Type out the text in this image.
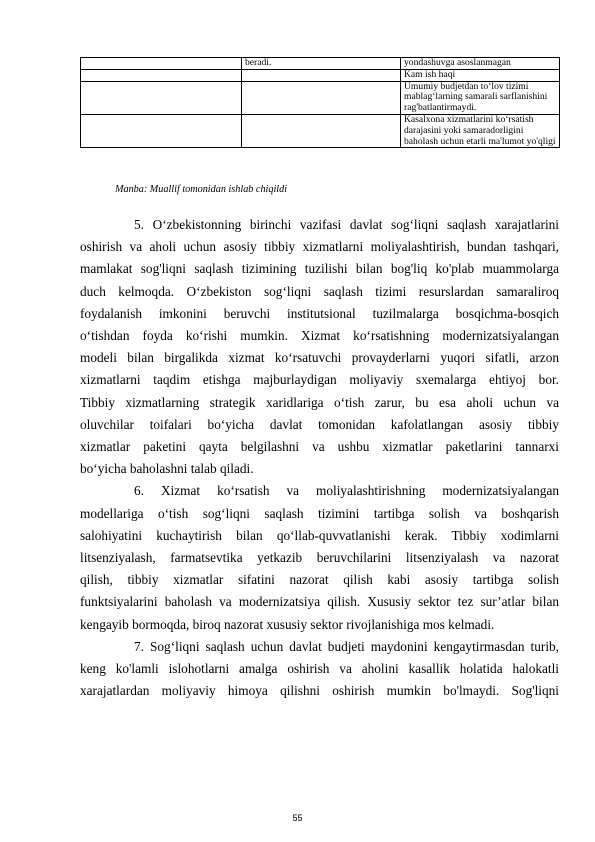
	beradi.	yondashuvga asoslanmagan
		Kam ish haqi
		Umumiy budjetdan to‘lov tizimi mablag‘larning samarali sarflanishini rag'batlantirmaydi.
		Kasalxona xizmatlarini ko‘rsatish darajasini yoki samaradorligini baholash uchun etarli ma'lumot yo'qligi
Manba: Muallif tomonidan ishlab chiqildi

5. O‘zbekistonning birinchi vazifasi davlat sog‘liqni saqlash xarajatlarini

oshirish va aholi uchun asosiy tibbiy xizmatlarni moliyalashtirish, bundan tashqari,

mamlakat sog'liqni saqlash tizimining tuzilishi bilan bog'liq ko'plab muammolarga

duch kelmoqda. O‘zbekiston sog‘liqni saqlash tizimi resurslardan samaraliroq

foydalanish imkonini beruvchi institutsional tuzilmalarga bosqichma-bosqich

o‘tishdan foyda ko‘rishi mumkin. Xizmat ko‘rsatishning modernizatsiyalangan

modeli bilan birgalikda xizmat ko‘rsatuvchi provayderlarni yuqori sifatli, arzon

xizmatlarni taqdim etishga majburlaydigan moliyaviy sxemalarga ehtiyoj bor.

Tibbiy xizmatlarning strategik xaridlariga o‘tish zarur, bu esa aholi uchun va

oluvchilar toifalari bo‘yicha davlat tomonidan kafolatlangan asosiy tibbiy

xizmatlar paketini qayta belgilashni va ushbu xizmatlar paketlarini tannarxi

bo‘yicha baholashni talab qiladi.

6. Xizmat ko‘rsatish va moliyalashtirishning modernizatsiyalangan

modellariga o‘tish sog‘liqni saqlash tizimini tartibga solish va boshqarish

salohiyatini kuchaytirish bilan qo‘llab-quvvatlanishi kerak. Tibbiy xodimlarni

litsenziyalash, farmatsevtika yetkazib beruvchilarini litsenziyalash va nazorat

qilish, tibbiy xizmatlar sifatini nazorat qilish kabi asosiy tartibga solish

funktsiyalarini baholash va modernizatsiya qilish. Xususiy sektor tez sur’atlar bilan

kengayib bormoqda, biroq nazorat xususiy sektor rivojlanishiga mos kelmadi.

7. Sog‘liqni saqlash uchun davlat budjeti maydonini kengaytirmasdan turib,

keng ko'lamli islohotlarni amalga oshirish va aholini kasallik holatida halokatli

xarajatlardan moliyaviy himoya qilishni oshirish mumkin bo'lmaydi. Sog'liqni

55
